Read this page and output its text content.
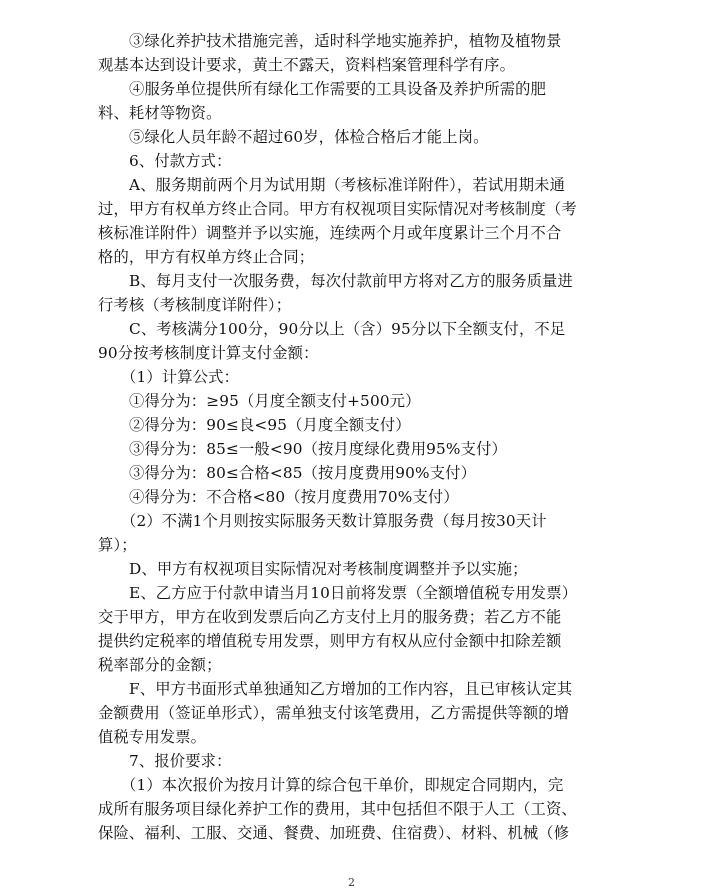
③绿化养护技术措施完善，适时科学地实施养护，植物及植物景
观基本达到设计要求，黄土不露天，资料档案管理科学有序。
④服务单位提供所有绿化工作需要的工具设备及养护所需的肥
料、耗材等物资。
⑤绿化人员年龄不超过60岁，体检合格后才能上岗。
6、付款方式：
A、服务期前两个月为试用期（考核标准详附件），若试用期未通
过，甲方有权单方终止合同。甲方有权视项目实际情况对考核制度（考
核标准详附件）调整并予以实施，连续两个月或年度累计三个月不合
格的，甲方有权单方终止合同；
B、每月支付一次服务费，每次付款前甲方将对乙方的服务质量进
行考核（考核制度详附件）；
C、考核满分100分，90分以上（含）95分以下全额支付，不足
90分按考核制度计算支付金额：
（1）计算公式：
①得分为：≥95（月度全额支付+500元）
②得分为：90≤良<95（月度全额支付）
③得分为：85≤一般<90（按月度绿化费用95%支付）
③得分为：80≤合格<85（按月度费用90%支付）
④得分为：不合格<80（按月度费用70%支付）
（2）不满1个月则按实际服务天数计算服务费（每月按30天计
算）；
D、甲方有权视项目实际情况对考核制度调整并予以实施；
E、乙方应于付款申请当月10日前将发票（全额增值税专用发票）
交于甲方，甲方在收到发票后向乙方支付上月的服务费；若乙方不能
提供约定税率的增值税专用发票，则甲方有权从应付金额中扣除差额
税率部分的金额；
F、甲方书面形式单独通知乙方增加的工作内容，且已审核认定其
金额费用（签证单形式），需单独支付该笔费用，乙方需提供等额的增
值税专用发票。
7、报价要求：
（1）本次报价为按月计算的综合包干单价，即规定合同期内，完
成所有服务项目绿化养护工作的费用，其中包括但不限于人工（工资、
保险、福利、工服、交通、餐费、加班费、住宿费）、材料、机械（修
2
